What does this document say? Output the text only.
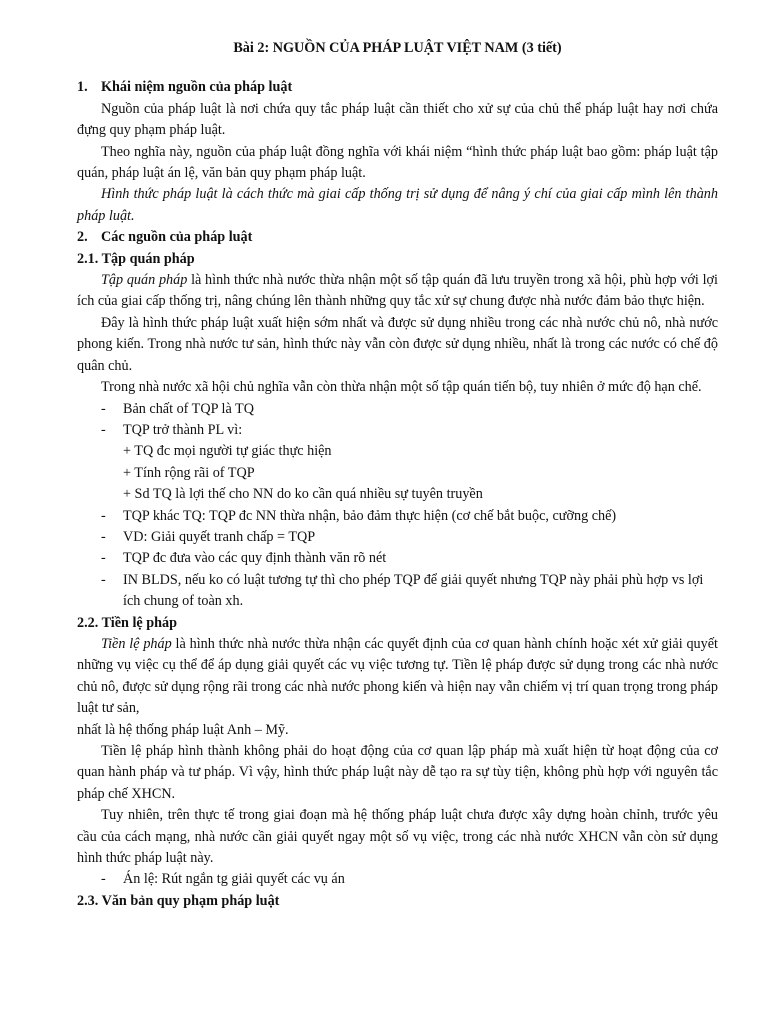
Bài 2: NGUỒN CỦA PHÁP LUẬT VIỆT NAM (3 tiết)
1. Khái niệm nguồn của pháp luật

Nguồn của pháp luật là nơi chứa quy tắc pháp luật cần thiết cho xử sự của chủ thể pháp luật hay nơi chứa đựng quy phạm pháp luật.

Theo nghĩa này, nguồn của pháp luật đồng nghĩa với khái niệm “hình thức pháp luật bao gồm: pháp luật tập quán, pháp luật án lệ, văn bản quy phạm pháp luật.

Hình thức pháp luật là cách thức mà giai cấp thống trị sử dụng để nâng ý chí của giai cấp mình lên thành pháp luật.

2. Các nguồn của pháp luật
2.1. Tập quán pháp

Tập quán pháp là hình thức nhà nước thừa nhận một số tập quán đã lưu truyền trong xã hội, phù hợp với lợi ích của giai cấp thống trị, nâng chúng lên thành những quy tắc xử sự chung được nhà nước đảm bảo thực hiện.

Đây là hình thức pháp luật xuất hiện sớm nhất và được sử dụng nhiều trong các nhà nước chủ nô, nhà nước phong kiến. Trong nhà nước tư sản, hình thức này vẫn còn được sử dụng nhiều, nhất là trong các nước có chế độ quân chủ.

Trong nhà nước xã hội chủ nghĩa vẫn còn thừa nhận một số tập quán tiến bộ, tuy nhiên ở mức độ hạn chế.

- Bản chất of TQP là TQ
- TQP trở thành PL vì:
+ TQ đc mọi người tự giác thực hiện
+ Tính rộng rãi of TQP
+ Sd TQ là lợi thế cho NN do ko cần quá nhiều sự tuyên truyền
- TQP khác TQ: TQP đc NN thừa nhận, bảo đảm thực hiện (cơ chế bắt buộc, cưỡng chế)
- VD: Giải quyết tranh chấp = TQP
- TQP đc đưa vào các quy định thành văn rõ nét
- IN BLDS, nếu ko có luật tương tự thì cho phép TQP để giải quyết nhưng TQP này phải phù hợp vs lợi ích chung of toàn xh.
2.2. Tiền lệ pháp

Tiền lệ pháp là hình thức nhà nước thừa nhận các quyết định của cơ quan hành chính hoặc xét xử giải quyết những vụ việc cụ thể để áp dụng giải quyết các vụ việc tương tự. Tiền lệ pháp được sử dụng trong các nhà nước chủ nô, được sử dụng rộng rãi trong các nhà nước phong kiến và hiện nay vẫn chiếm vị trí quan trọng trong pháp luật tư sản,

nhất là hệ thống pháp luật Anh – Mỹ.

Tiền lệ pháp hình thành không phải do hoạt động của cơ quan lập pháp mà xuất hiện từ hoạt động của cơ quan hành pháp và tư pháp. Vì vậy, hình thức pháp luật này dễ tạo ra sự tùy tiện, không phù hợp với nguyên tắc pháp chế XHCN.

Tuy nhiên, trên thực tế trong giai đoạn mà hệ thống pháp luật chưa được xây dựng hoàn chỉnh, trước yêu cầu của cách mạng, nhà nước cần giải quyết ngay một số vụ việc, trong các nhà nước XHCN vẫn còn sử dụng hình thức pháp luật này.

- Án lệ: Rút ngắn tg giải quyết các vụ án
2.3. Văn bản quy phạm pháp luật
